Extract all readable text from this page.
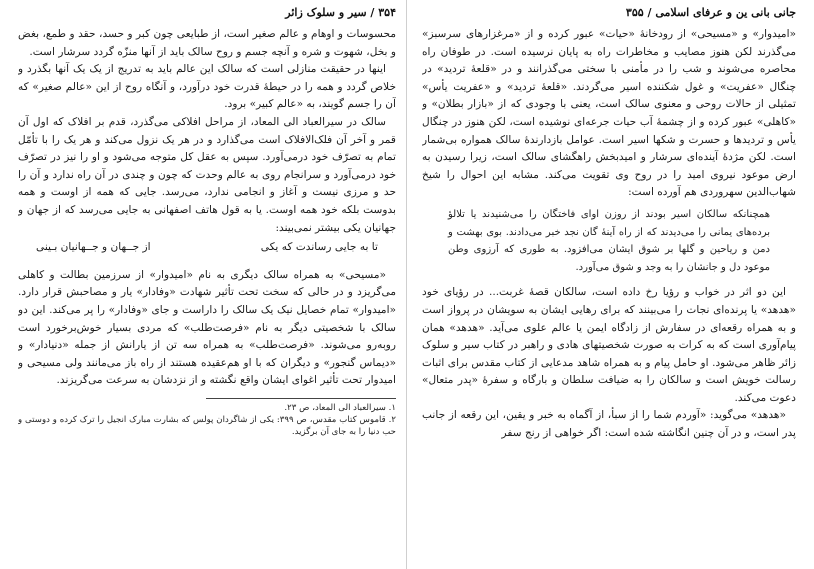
۳۵۴ / سیر و سلوک زائر

محسوسات و اوهام و عالم صغیر است، از طبایعی چون کبر و حسد، حقد و طمع، بغض و بخل، شهوت و شره و آنچه جسم و روح سالک باید از آنها منزّه گردد سرشار است.

اینها در حقیقت منازلی است که سالک این عالم باید به تدریج از یک یک آنها بگذرد و خلاص گردد و همه را در حیطهٔ قدرت خود درآورد، و آنگاه روح از این «عالم صغیر» که آن را جسم گویند، به «عالم کبیر» برود.

سالک در سیرالعباد الی المعاد، از مراحل افلاکی می‌گذرد، قدم بر افلاک که اول آن قمر و آخر آن فلک‌الافلاک است می‌گذارد و در هر یک نزول می‌کند و هر یک را با تأمّل تمام به تصرّف خود درمی‌آورد. سپس به عقل کل متوجه می‌شود و او را نیز در تصرّف خود درمی‌آورد و سرانجام روی به عالم وحدت که چون و چندی در آن راه ندارد و آن را حد و مرزی نیست و آغاز و انجامی ندارد، می‌رسد. جایی که همه از اوست و همه بدوست بلکه خود همه اوست. یا به قول هاتف اصفهانی به جایی می‌رسد که از جهان و جهانیان یکی بیشتر نمی‌بیند:

تا به جایی رساندت که یکی
از جــهان و جــهانیان بـینی

«مسیحی» به همراه سالک دیگری به نام «امیدوار» از سرزمین بطالت و کاهلی می‌گریزد و در حالی که سخت تحت تأثیر شهادت «وفادار» یار و مصاحبش قرار دارد. «امیدوار» تمام خصایل نیک یک سالک را داراست و جای «وفادار» را پر می‌کند. این دو سالک با شخصیتی دیگر به نام «فرصت‌طلب» که مردی بسیار خوش‌برخورد است روبه‌رو می‌شوند. «فرصت‌طلب» به همراه سه تن از یارانش از جمله «دنیادار» و «دیماس گنجور» و دیگران که با او هم‌عقیده هستند از راه باز می‌مانند ولی مسیحی و امیدوار تحت تأثیر اغوای ایشان واقع نگشته و از نزدشان به سرعت می‌گریزند.

۱. سیرالعباد الی المعاد، ص ۲۳.

۲. قاموس کتاب مقدس، ص ۳۹۹: یکی از شاگردان پولس که بشارت مبارک انجیل را ترک کرده و دوستی و حب دنیا را به جای آن برگزید.

جانی بانی ین و عرفای اسلامی / ۳۵۵

«امیدوار» و «مسیحی» از رودخانهٔ «حیات» عبور کرده و از «مرغزارهای سرسبز» می‌گذرند لکن هنوز مصایب و مخاطرات راه به پایان نرسیده است. در طوفان راه محاصره می‌شوند و شب را در مأمنی با سختی می‌گذرانند و در «قلعهٔ تردید» در چنگال «عفریت» و غول شکننده اسیر می‌گردند. «قلعهٔ تردید» و «عفریت یأس» تمثیلی از حالات روحی و معنوی سالک است، یعنی با وجودی که از «بازار بطلان» و «کاهلی» عبور کرده و از چشمهٔ آب حیات جرعه‌ای نوشیده است، لکن هنوز در چنگال یأس و تردیدها و حسرت و شکها اسیر است. عوامل بازدارندهٔ سالک همواره بی‌شمار است. لکن مژدهٔ آینده‌ای سرشار و امیدبخش راهگشای سالک است، زیرا رسیدن به ارض موعود نیروی امید را در روح وی تقویت می‌کند. مشابه این احوال را شیخ شهاب‌الدین سهروردی هم آورده است:

همچنانکه سالکان اسیر بودند از روزن اوای فاختگان را می‌شنیدند یا تلالؤ برده‌های یمانی را می‌دیدند که از راه آینهٔ گان نجد خبر می‌دادند. بوی بهشت و دمن و ریاحین و گلها بر شوق ایشان می‌افزود. به طوری که آرزوی وطن موعود دل و جانشان را به وجد و شوق می‌آورد.

این دو اثر در خواب و رؤیا رخ داده است، سالکان قصهٔ غربت... در رؤیای خود «هدهد» یا پرنده‌ای نجات را می‌بینند که برای رهایی ایشان به سویشان در پرواز است و به همراه رقعه‌ای در سفارش از زادگاه ایمن یا عالم علوی می‌آید. «هدهد» همان پیام‌آوری است که به کرات به صورت شخصیتهای هادی و راهبر در کتاب سیر و سلوک زائر ظاهر می‌شود. او حامل پیام و به همراه شاهد مدعایی از کتاب مقدس برای اثبات رسالت خویش است و سالکان را به ضیافت سلطان و بارگاه و سفرهٔ «پدر متعال» دعوت می‌کند.

«هدهد» می‌گوید: «آوردم شما را از سبأ، از آگماه به خبر و یقین، این رقعه از جانب پدر است، و در آن چنین انگاشته شده است: اگر خواهی از رنج سفر
